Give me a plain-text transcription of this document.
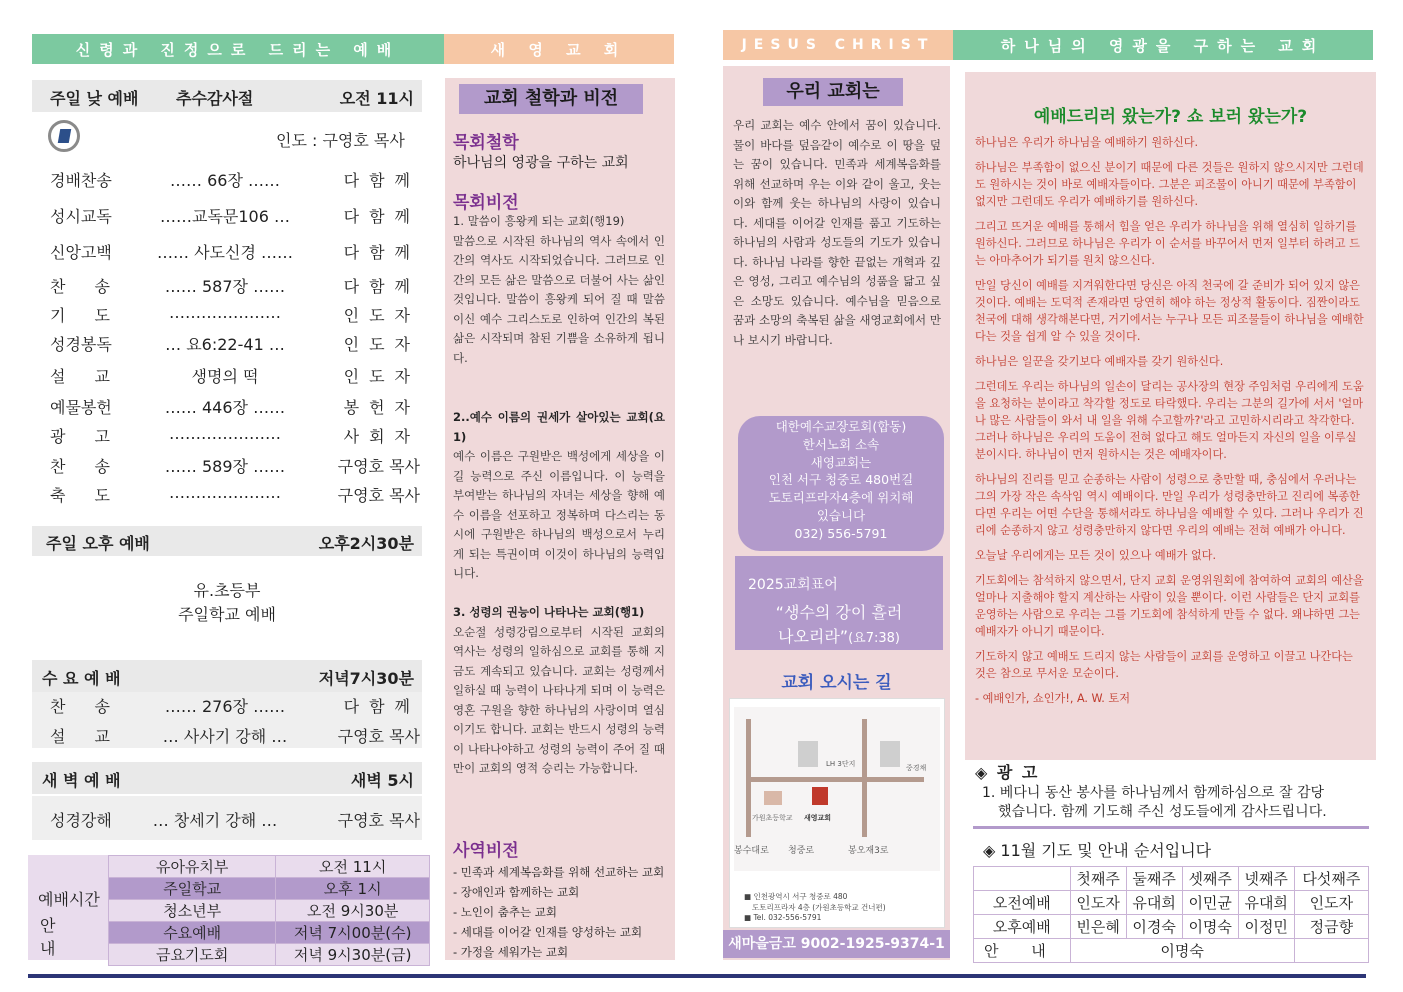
신령과 진정으로 드리는 예배	새 영 교 회	JESUS CHRIST	하나님의 영광을 구하는 교회
주일 낮 예배 추수감사절	오전 11시
인도 : 구영호 목사
경배찬송	…… 66장 ……	다함께
성시교독	……교독문106 …	다함께
신앙고백	…… 사도신경 ……	다함께
찬 송	…… 587장 ……	다함께
기 도	…………………	인도자
성경봉독	… 요6:22-41 …	인도자
설 교	생명의 떡	인도자
예물봉헌	…… 446장 ……	봉헌자
광 고	…………………	사회자
찬 송	…… 589장 ……	구영호 목사
축 도	…………………	구영호 목사
주일 오후 예배	오후2시30분
유.초등부
주일학교 예배
수 요 예 배	저녁7시30분
찬 송	…… 276장 ……	다함께
설 교	… 사사기 강해 …	구영호 목사
새 벽 예 배	새벽 5시
성경강해	… 창세기 강해 …	구영호 목사
예배시간
안 내
유아유치부	오전 11시
주일학교	오후 1시
청소년부	오전 9시30분
수요예배	저녁 7시00분(수)
금요기도회	저녁 9시30분(금)
교회 철학과 비전
목회철학
하나님의 영광을 구하는 교회
목회비전
1. 말씀이 흥왕케 되는 교회(행19)
말씀으로 시작된 하나님의 역사 속에서 인간의 역사도 시작되었습니다. 그러므로 인간의 모든 삶은 말씀으로 더불어 사는 삶인 것입니다. 말씀이 흥왕케 되어 질 때 말씀이신 예수 그리스도로 인하여 인간의 복된 삶은 시작되며 참된 기쁨을 소유하게 됩니다.
2..예수 이름의 권세가 살아있는 교회(요1)
예수 이름은 구원받은 백성에게 세상을 이길 능력으로 주신 이름입니다. 이 능력을 부여받는 하나님의 자녀는 세상을 향해 예수 이름을 선포하고 정복하며 다스리는 동시에 구원받은 하나님의 백성으로서 누리게 되는 특권이며 이것이 하나님의 능력입니다.
3. 성령의 권능이 나타나는 교회(행1)
오순절 성령강림으로부터 시작된 교회의 역사는 성령의 일하심으로 교회를 통해 지금도 계속되고 있습니다. 교회는 성령께서 일하실 때 능력이 나타나게 되며 이 능력은 영혼 구원을 향한 하나님의 사랑이며 열심이기도 합니다. 교회는 반드시 성령의 능력이 나타나야하고 성령의 능력이 주어 질 때만이 교회의 영적 승리는 가능합니다.
사역비전
- 민족과 세계복음화를 위해 선교하는 교회
- 장애인과 함께하는 교회
- 노인이 춤추는 교회
- 세대를 이어갈 인재를 양성하는 교회
- 가정을 세워가는 교회
우리 교회는
우리 교회는 예수 안에서 꿈이 있습니다. 물이 바다를 덮음같이 예수로 이 땅을 덮는 꿈이 있습니다. 민족과 세계복음화를 위해 선교하며 우는 이와 같이 울고, 웃는 이와 함께 웃는 하나님의 사랑이 있습니다. 세대를 이어갈 인재를 품고 기도하는 하나님의 사람과 성도들의 기도가 있습니다. 하나님 나라를 향한 끝없는 개혁과 깊은 영성, 그리고 예수님의 성품을 닮고 싶은 소망도 있습니다. 예수님을 믿음으로 꿈과 소망의 축복된 삶을 새영교회에서 만나 보시기 바랍니다.
대한예수교장로회(합동)
한서노회 소속
새영교회는
인천 서구 청중로 480번길
도토리프라자4층에 위치해
있습니다
032) 556-5791
2025교회표어
“생수의 강이 흘러
나오리라”(요7:38)
교회 오시는 길
LH 3단지	중경채
가원초등학교 새영교회
봉수대로 청중로	봉오재3로
■ 인천광역시 서구 청중로 480
도토리프라자 4층 (가원초등학교 건너편)
■ Tel. 032-556-5791
새마을금고 9002-1925-9374-1
예배드리러 왔는가? 쇼 보러 왔는가?

하나님은 우리가 하나님을 예배하기 원하신다.

하나님은 부족함이 없으신 분이기 때문에 다른 것들은 원하지 않으시지만 그런데도 원하시는 것이 바로 예배자들이다. 그분은 피조물이 아니기 때문에 부족함이 없지만 그런데도 우리가 예배하기를 원하신다.

그리고 뜨거운 예배를 통해서 힘을 얻은 우리가 하나님을 위해 열심히 일하기를 원하신다. 그러므로 하나님은 우리가 이 순서를 바꾸어서 먼저 일부터 하려고 드는 아마추어가 되기를 원치 않으신다.

만일 당신이 예배를 지겨워한다면 당신은 아직 천국에 갈 준비가 되어 있지 않은 것이다. 예배는 도덕적 존재라면 당연히 해야 하는 정상적 활동이다. 짐짠이라도 천국에 대해 생각해본다면, 거기에서는 누구나 모든 피조물들이 하나님을 예배한다는 것을 쉽게 알 수 있을 것이다.

하나님은 일꾼을 갖기보다 예배자를 갖기 원하신다.

그런데도 우리는 하나님의 일손이 달리는 공사장의 현장 주임처럼 우리에게 도움을 요청하는 분이라고 착각할 정도로 타락했다. 우리는 그분의 길가에 서서 '얼마나 많은 사람들이 와서 내 일을 위해 수고할까?'라고 고민하시리라고 착각한다. 그러나 하나님은 우리의 도움이 전혀 없다고 해도 얼마든지 자신의 일을 이루실 분이시다. 하나님이 먼저 원하시는 것은 예배자이다.

하나님의 진리를 믿고 순종하는 사람이 성령으로 충만할 때, 충심에서 우러나는 그의 가장 작은 속삭임 역시 예배이다. 만일 우리가 성령충만하고 진리에 복종한다면 우리는 어떤 수단을 통해서라도 하나님을 예배할 수 있다. 그러나 우리가 진리에 순종하지 않고 성령충만하지 않다면 우리의 예배는 전혀 예배가 아니다.

오늘날 우리에게는 모든 것이 있으나 예배가 없다.

기도회에는 참석하지 않으면서, 단지 교회 운영위원회에 참여하여 교회의 예산을 얼마나 지출해야 할지 계산하는 사람이 있을 뿐이다. 이런 사람들은 단지 교회를 운영하는 사람으로 우리는 그를 기도회에 참석하게 만들 수 없다. 왜냐하면 그는 예배자가 아니기 때문이다.

기도하지 않고 예배도 드리지 않는 사람들이 교회를 운영하고 이끌고 나간다는 것은 참으로 무서운 모순이다.

- 예배인가, 쇼인가!, A. W. 토저

◈ 광 고
1. 베다니 동산 봉사를 하나님께서 함께하심으로 잘 감당
했습니다. 함께 기도해 주신 성도들에게 감사드립니다.
◈ 11월 기도 및 안내 순서입니다
	첫째주	둘째주	셋째주	넷째주	다섯째주
오전예배	인도자	유대희	이민균	유대희	인도자
오후예배	빈은혜	이경숙	이명숙	이정민	정금향
안 내	이명숙				
